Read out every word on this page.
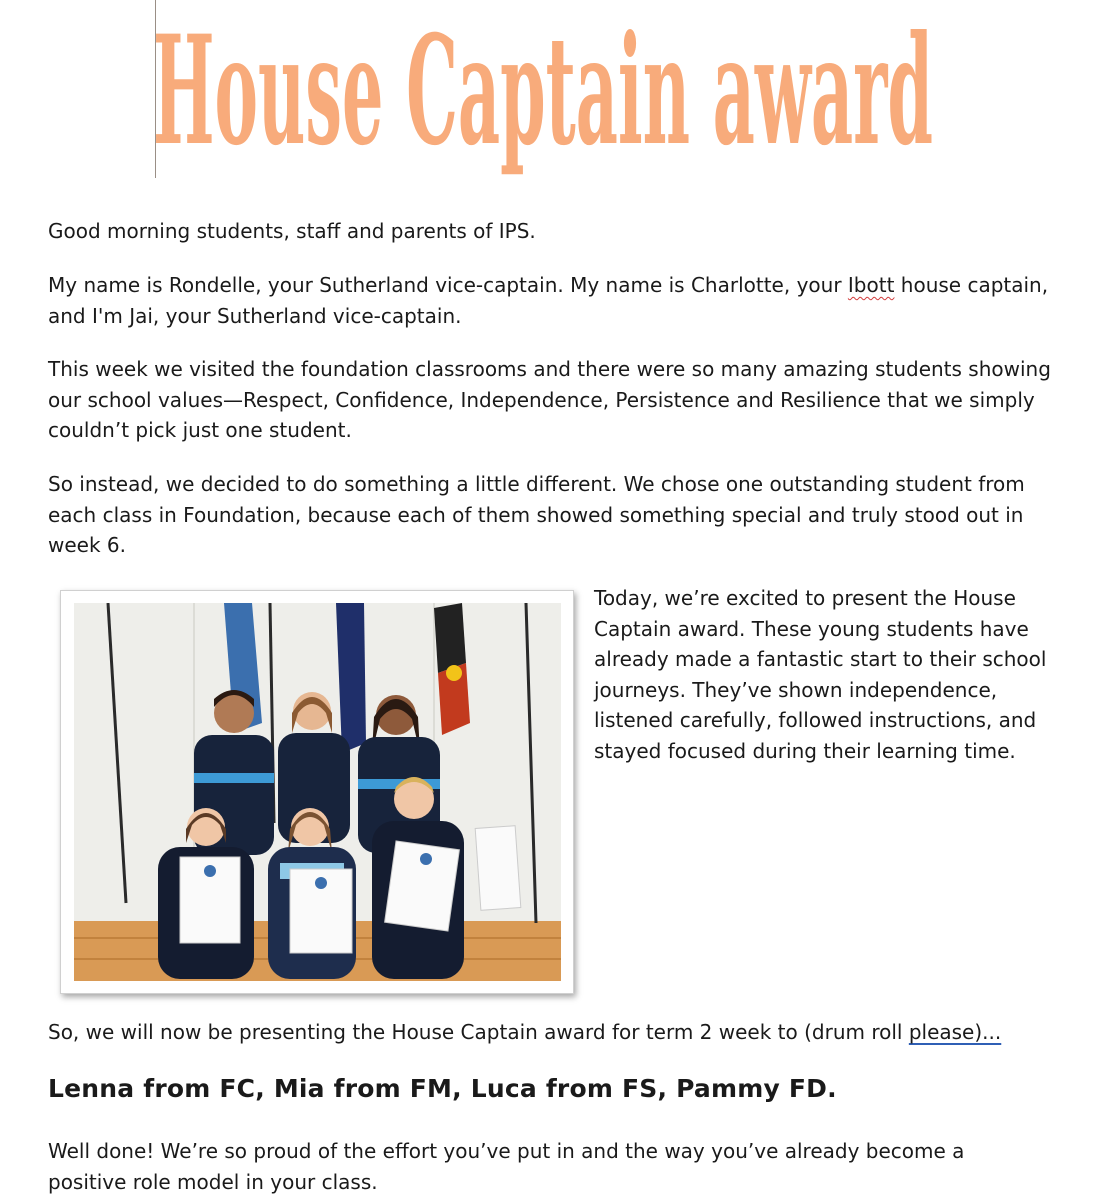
House Captain award

Good morning students, staff and parents of IPS.

My name is Rondelle, your Sutherland vice-captain. My name is Charlotte, your Ibott house captain, and I'm Jai, your Sutherland vice-captain.

This week we visited the foundation classrooms and there were so many amazing students showing our school values—Respect, Confidence, Independence, Persistence and Resilience that we simply couldn’t pick just one student.

So instead, we decided to do something a little different. We chose one outstanding student from each class in Foundation, because each of them showed something special and truly stood out in week 6.

Today, we’re excited to present the House Captain award. These young students have already made a fantastic start to their school journeys. They’ve shown independence, listened carefully, followed instructions, and stayed focused during their learning time.

So, we will now be presenting the House Captain award for term 2 week to (drum roll please)...

Lenna from FC, Mia from FM, Luca from FS, Pammy FD.

Well done! We’re so proud of the effort you’ve put in and the way you’ve already become a positive role model in your class.
